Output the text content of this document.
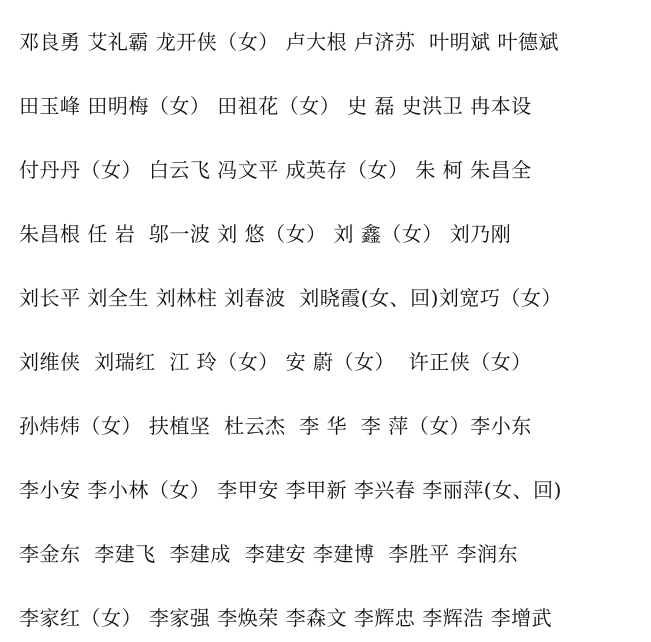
邓良勇 艾礼霸 龙开侠（女） 卢大根 卢济苏  叶明斌 叶德斌
田玉峰 田明梅（女） 田祖花（女） 史 磊 史洪卫 冉本设
付丹丹（女） 白云飞 冯文平 成英存（女） 朱 柯 朱昌全
朱昌根 任 岩  邬一波 刘 悠（女） 刘 鑫（女） 刘乃刚
刘长平 刘全生 刘林柱 刘春波  刘晓霞(女、回)刘宽巧（女）
刘维侠  刘瑞红  江 玲（女） 安 蔚（女）  许正侠（女）
孙炜炜（女） 扶植坚  杜云杰  李 华  李 萍（女）李小东
李小安 李小林（女） 李甲安 李甲新 李兴春 李丽萍(女、回)
李金东  李建飞  李建成  李建安 李建博  李胜平 李润东
李家红（女） 李家强 李焕荣 李森文 李辉忠 李辉浩 李增武
